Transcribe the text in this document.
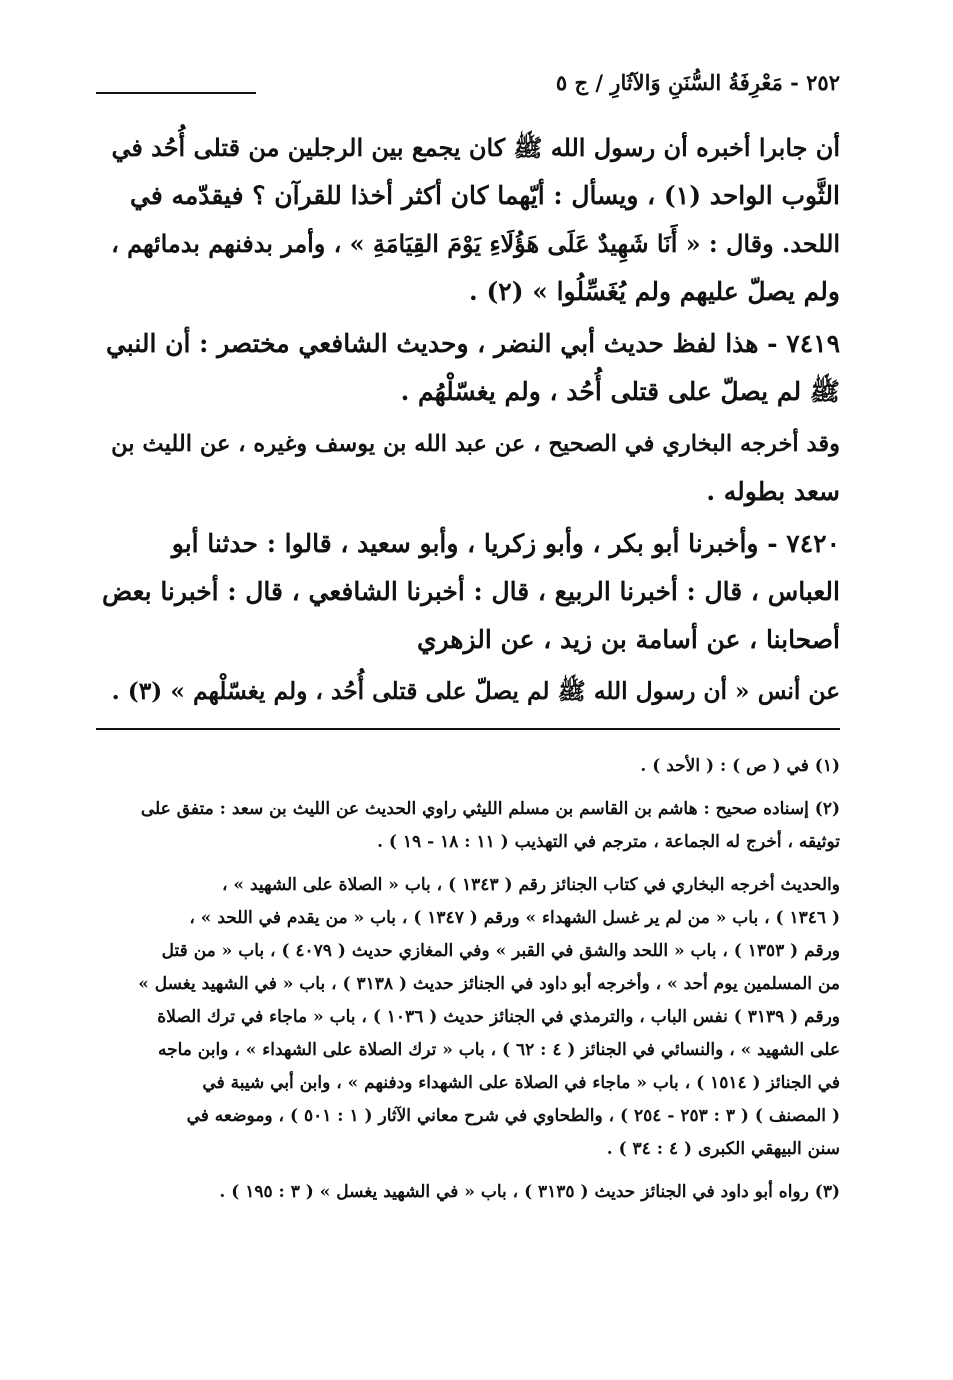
٢٥٢ - مَعْرِفَةُ السُّنَنِ وَالآثَارِ / ج ٥

أن جابرا أخبره أن رسول الله ﷺ كان يجمع بين الرجلين من قتلى أُحُد في
الثَّوب الواحد (١) ، ويسأل : أيّهما كان أكثر أخذا للقرآن ؟ فيقدّمه في
اللحد. وقال : « أَنَا شَهِيدٌ عَلَى هَؤُلَاءِ يَوْمَ القِيَامَةِ » ، وأمر بدفنهم بدمائهم ،
ولم يصلّ عليهم ولم يُغَسِّلُوا » (٢) .

٧٤١٩ - هذا لفظ حديث أبي النضر ، وحديث الشافعي مختصر : أن النبي
ﷺ لم يصلّ على قتلى أُحُد ، ولم يغسّلْهُم .

وقد أخرجه البخاري في الصحيح ، عن عبد الله بن يوسف وغيره ، عن الليث بن
سعد بطوله .

٧٤٢٠ - وأخبرنا أبو بكر ، وأبو زكريا ، وأبو سعيد ، قالوا : حدثنا أبو
العباس ، قال : أخبرنا الربيع ، قال : أخبرنا الشافعي ، قال : أخبرنا بعض
أصحابنا ، عن أسامة بن زيد ، عن الزهري

عن أنس « أن رسول الله ﷺ لم يصلّ على قتلى أُحُد ، ولم يغسّلْهم » (٣) .

(١) في ( ص ) : ( الأحد ) .

(٢) إسناده صحيح : هاشم بن القاسم بن مسلم الليثي راوي الحديث عن الليث بن سعد : متفق على
توثيقه ، أخرج له الجماعة ، مترجم في التهذيب ( ١١ : ١٨ - ١٩ ) .

والحديث أخرجه البخاري في كتاب الجنائز رقم ( ١٣٤٣ ) ، باب « الصلاة على الشهيد » ،
( ١٣٤٦ ) ، باب « من لم ير غسل الشهداء » ورقم ( ١٣٤٧ ) ، باب « من يقدم في اللحد » ،
ورقم ( ١٣٥٣ ) ، باب « اللحد والشق في القبر » وفي المغازي حديث ( ٤٠٧٩ ) ، باب « من قتل
من المسلمين يوم أحد » ، وأخرجه أبو داود في الجنائز حديث ( ٣١٣٨ ) ، باب « في الشهيد يغسل »
ورقم ( ٣١٣٩ ) نفس الباب ، والترمذي في الجنائز حديث ( ١٠٣٦ ) ، باب « ماجاء في ترك الصلاة
على الشهيد » ، والنسائي في الجنائز ( ٤ : ٦٢ ) ، باب « ترك الصلاة على الشهداء » ، وابن ماجه
في الجنائز ( ١٥١٤ ) ، باب « ماجاء في الصلاة على الشهداء ودفنهم » ، وابن أبي شيبة في
( المصنف ) ( ٣ : ٢٥٣ - ٢٥٤ ) ، والطحاوي في شرح معاني الآثار ( ١ : ٥٠١ ) ، وموضعه في
سنن البيهقي الكبرى ( ٤ : ٣٤ ) .

(٣) رواه أبو داود في الجنائز حديث ( ٣١٣٥ ) ، باب « في الشهيد يغسل » ( ٣ : ١٩٥ ) .
